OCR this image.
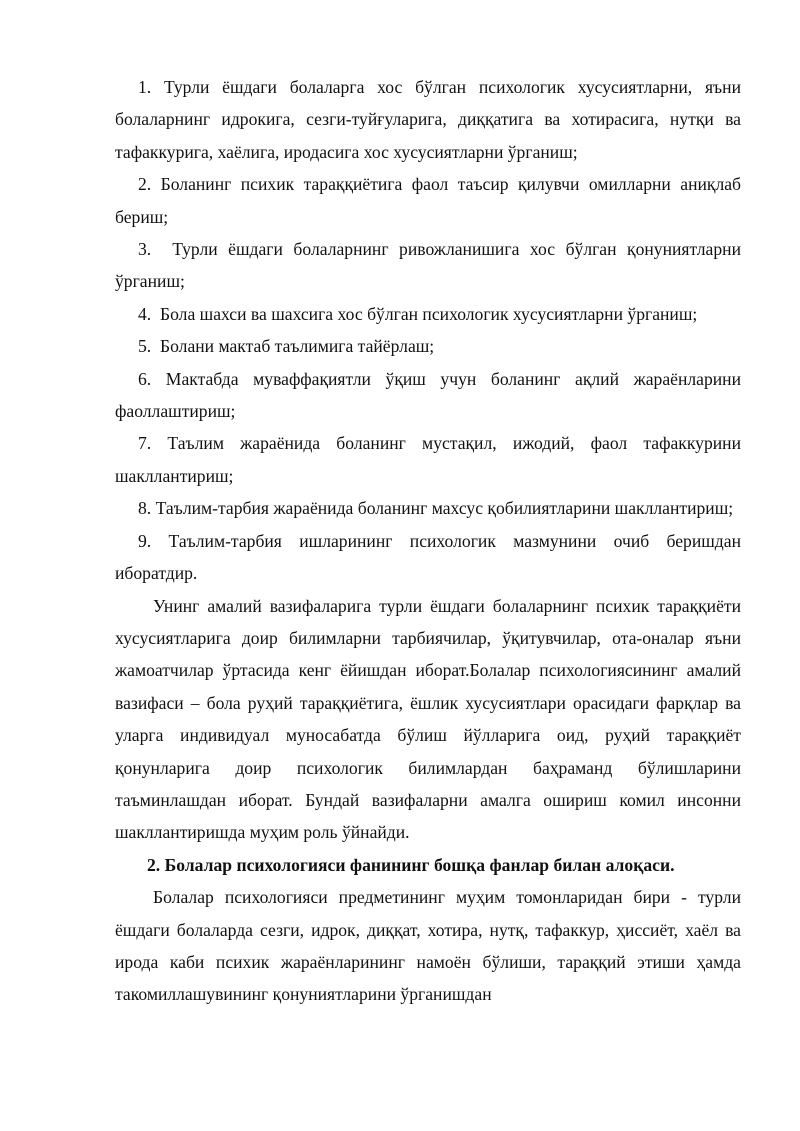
1. Турли ёшдаги болаларга хос бўлган психологик хусусиятларни, яъни болаларнинг идрокига, сезги-туйғуларига, диққатига ва хотирасига, нутқи ва тафаккурига, хаёлига, иродасига хос хусусиятларни ўрганиш;

2. Боланинг психик тараққиётига фаол таъсир қилувчи омилларни аниқлаб бериш;

3. Турли ёшдаги болаларнинг ривожланишига хос бўлган қонуниятларни ўрганиш;

4. Бола шахси ва шахсига хос бўлган психологик хусусиятларни ўрганиш;

5. Болани мактаб таълимига тайёрлаш;

6. Мактабда муваффақиятли ўқиш учун боланинг ақлий жараёнларини фаоллаштириш;

7. Таълим жараёнида боланинг мустақил, ижодий, фаол тафаккурини шакллантириш;

8. Таълим-тарбия жараёнида боланинг махсус қобилиятларини шакллантириш;

9. Таълим-тарбия ишларининг психологик мазмунини очиб беришдан иборатдир.

Унинг амалий вазифаларига турли ёшдаги болаларнинг психик тараққиёти хусусиятларига доир билимларни тарбиячилар, ўқитувчилар, ота-оналар яъни жамоатчилар ўртасида кенг ёйишдан иборат.Болалар психологиясининг амалий вазифаси – бола руҳий тараққиётига, ёшлик хусусиятлари орасидаги фарқлар ва уларга индивидуал муносабатда бўлиш йўлларига оид, руҳий тараққиёт қонунларига доир психологик билимлардан баҳраманд бўлишларини таъминлашдан иборат. Бундай вазифаларни амалга ошириш комил инсонни шакллантиришда муҳим роль ўйнайди.

2. Болалар психологияси фанининг бошқа фанлар билан алоқаси.

Болалар психологияси предметининг муҳим томонларидан бири - турли ёшдаги болаларда сезги, идрок, диққат, хотира, нутқ, тафаккур, ҳиссиёт, хаёл ва ирода каби психик жараёнларининг намоён бўлиши, тараққий этиши ҳамда такомиллашувининг қонуниятларини ўрганишдан
